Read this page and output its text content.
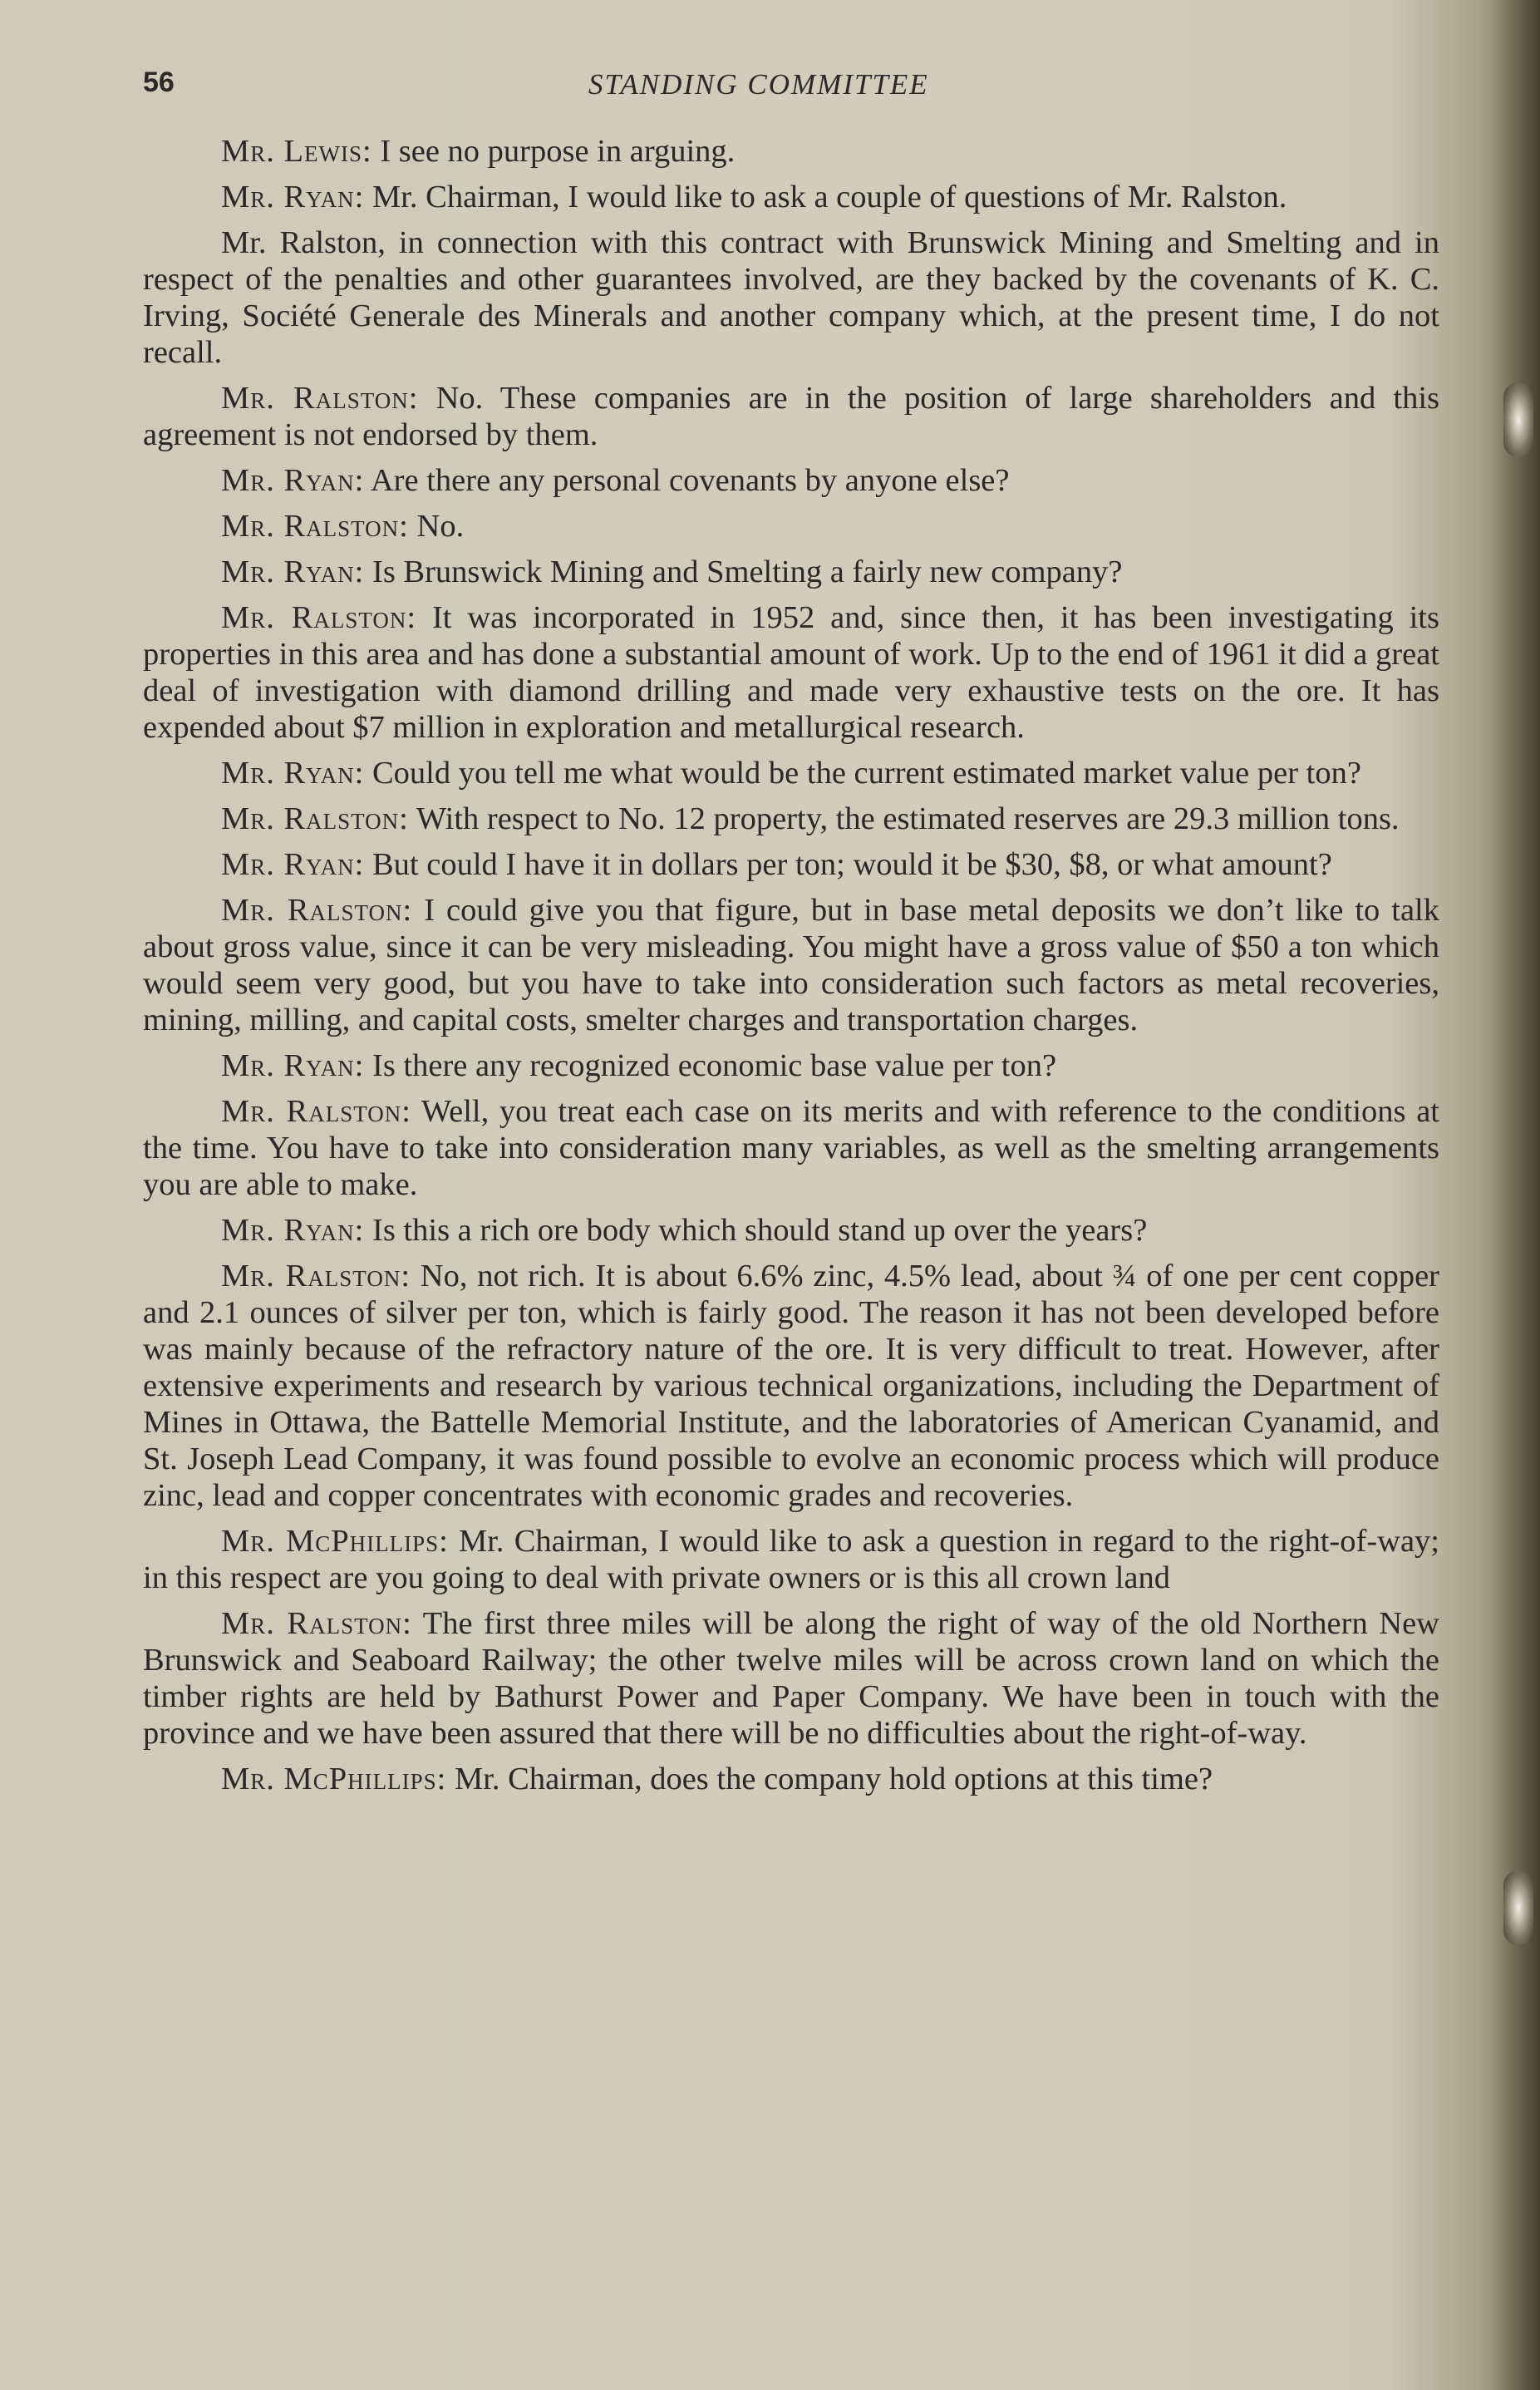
56	STANDING COMMITTEE

Mr. Lewis: I see no purpose in arguing.

Mr. Ryan: Mr. Chairman, I would like to ask a couple of questions of Mr. Ralston.

Mr. Ralston, in connection with this contract with Brunswick Mining and Smelting and in respect of the penalties and other guarantees involved, are they backed by the covenants of K. C. Irving, Société Generale des Minerals and another company which, at the present time, I do not recall.

Mr. Ralston: No. These companies are in the position of large shareholders and this agreement is not endorsed by them.

Mr. Ryan: Are there any personal covenants by anyone else?

Mr. Ralston: No.

Mr. Ryan: Is Brunswick Mining and Smelting a fairly new company?

Mr. Ralston: It was incorporated in 1952 and, since then, it has been investigating its properties in this area and has done a substantial amount of work. Up to the end of 1961 it did a great deal of investigation with diamond drilling and made very exhaustive tests on the ore. It has expended about $7 million in exploration and metallurgical research.

Mr. Ryan: Could you tell me what would be the current estimated market value per ton?

Mr. Ralston: With respect to No. 12 property, the estimated reserves are 29.3 million tons.

Mr. Ryan: But could I have it in dollars per ton; would it be $30, $8, or what amount?

Mr. Ralston: I could give you that figure, but in base metal deposits we don’t like to talk about gross value, since it can be very misleading. You might have a gross value of $50 a ton which would seem very good, but you have to take into consideration such factors as metal recoveries, mining, milling, and capital costs, smelter charges and transportation charges.

Mr. Ryan: Is there any recognized economic base value per ton?

Mr. Ralston: Well, you treat each case on its merits and with reference to the conditions at the time. You have to take into consideration many variables, as well as the smelting arrangements you are able to make.

Mr. Ryan: Is this a rich ore body which should stand up over the years?

Mr. Ralston: No, not rich. It is about 6.6% zinc, 4.5% lead, about ¾ of one per cent copper and 2.1 ounces of silver per ton, which is fairly good. The reason it has not been developed before was mainly because of the refractory nature of the ore. It is very difficult to treat. However, after extensive experiments and research by various technical organizations, including the Department of Mines in Ottawa, the Battelle Memorial Institute, and the laboratories of American Cyanamid, and St. Joseph Lead Company, it was found possible to evolve an economic process which will produce zinc, lead and copper concentrates with economic grades and recoveries.

Mr. McPhillips: Mr. Chairman, I would like to ask a question in regard to the right-of-way; in this respect are you going to deal with private owners or is this all crown land

Mr. Ralston: The first three miles will be along the right of way of the old Northern New Brunswick and Seaboard Railway; the other twelve miles will be across crown land on which the timber rights are held by Bathurst Power and Paper Company. We have been in touch with the province and we have been assured that there will be no difficulties about the right-of-way.

Mr. McPhillips: Mr. Chairman, does the company hold options at this time?
